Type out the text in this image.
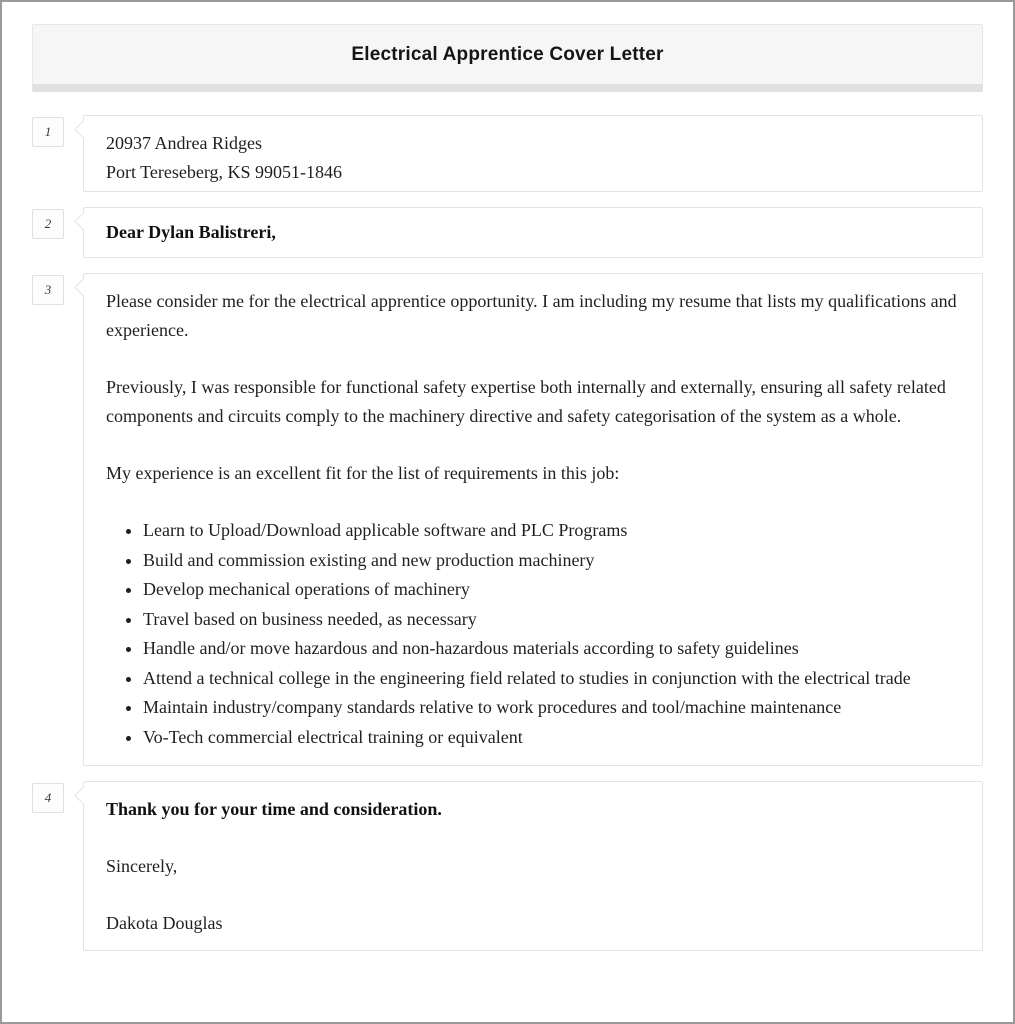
Electrical Apprentice Cover Letter
1
20937 Andrea Ridges
Port Tereseberg, KS 99051-1846
2	Dear Dylan Balistreri,

3

Please consider me for the electrical apprentice opportunity. I am including my resume that lists my qualifications and experience.

Previously, I was responsible for functional safety expertise both internally and externally, ensuring all safety related components and circuits comply to the machinery directive and safety categorisation of the system as a whole.

My experience is an excellent fit for the list of requirements in this job:

• Learn to Upload/Download applicable software and PLC Programs
• Build and commission existing and new production machinery
• Develop mechanical operations of machinery
• Travel based on business needed, as necessary
• Handle and/or move hazardous and non-hazardous materials according to safety guidelines
• Attend a technical college in the engineering field related to studies in conjunction with the electrical trade
• Maintain industry/company standards relative to work procedures and tool/machine maintenance
• Vo-Tech commercial electrical training or equivalent
4

Thank you for your time and consideration.

Sincerely,

Dakota Douglas
